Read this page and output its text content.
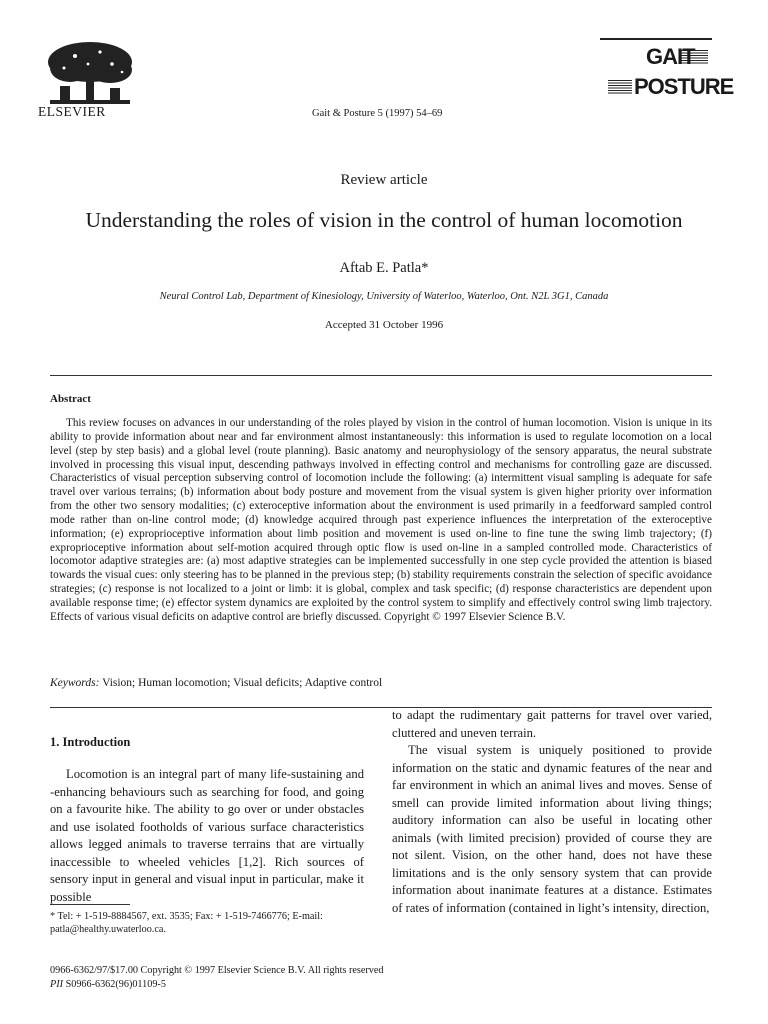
ELSEVIER	Gait & Posture 5 (1997) 54–69
GAIT
POSTURE
Review article
Understanding the roles of vision in the control of human locomotion
Aftab E. Patla*
Neural Control Lab, Department of Kinesiology, University of Waterloo, Waterloo, Ont. N2L 3G1, Canada
Accepted 31 October 1996
Abstract

This review focuses on advances in our understanding of the roles played by vision in the control of human locomotion. Vision is unique in its ability to provide information about near and far environment almost instantaneously: this information is used to regulate locomotion on a local level (step by step basis) and a global level (route planning). Basic anatomy and neurophysiology of the sensory apparatus, the neural substrate involved in processing this visual input, descending pathways involved in effecting control and mechanisms for controlling gaze are discussed. Characteristics of visual perception subserving control of locomotion include the following: (a) intermittent visual sampling is adequate for safe travel over various terrains; (b) information about body posture and movement from the visual system is given higher priority over information from the other two sensory modalities; (c) exteroceptive information about the environment is used primarily in a feedforward sampled control mode rather than on-line control mode; (d) knowledge acquired through past experience influences the interpretation of the exteroceptive information; (e) exproprioceptive information about limb position and movement is used on-line to fine tune the swing limb trajectory; (f) exproprioceptive information about self-motion acquired through optic flow is used on-line in a sampled controlled mode. Characteristics of locomotor adaptive strategies are: (a) most adaptive strategies can be implemented successfully in one step cycle provided the attention is biased towards the visual cues: only steering has to be planned in the previous step; (b) stability requirements constrain the selection of specific avoidance strategies; (c) response is not localized to a joint or limb: it is global, complex and task specific; (d) response characteristics are dependent upon available response time; (e) effector system dynamics are exploited by the control system to simplify and effectively control swing limb trajectory. Effects of various visual deficits on adaptive control are briefly discussed. Copyright © 1997 Elsevier Science B.V.

Keywords: Vision; Human locomotion; Visual deficits; Adaptive control
1. Introduction

Locomotion is an integral part of many life-sustaining and -enhancing behaviours such as searching for food, and going on a favourite hike. The ability to go over or under obstacles and use isolated footholds of various surface characteristics allows legged animals to traverse terrains that are virtually inaccessible to wheeled vehicles [1,2]. Rich sources of sensory input in general and visual input in particular, make it possible

to adapt the rudimentary gait patterns for travel over varied, cluttered and uneven terrain.

The visual system is uniquely positioned to provide information on the static and dynamic features of the near and far environment in which an animal lives and moves. Sense of smell can provide limited information about living things; auditory information can also be useful in locating other animals (with limited precision) provided of course they are not silent. Vision, on the other hand, does not have these limitations and is the only sensory system that can provide information about inanimate features at a distance. Estimates of rates of information (contained in light’s intensity, direction,

* Tel: + 1-519-8884567, ext. 3535; Fax: + 1-519-7466776; E-mail: patla@healthy.uwaterloo.ca.

0966-6362/97/$17.00 Copyright © 1997 Elsevier Science B.V. All rights reserved
PII S0966-6362(96)01109-5
